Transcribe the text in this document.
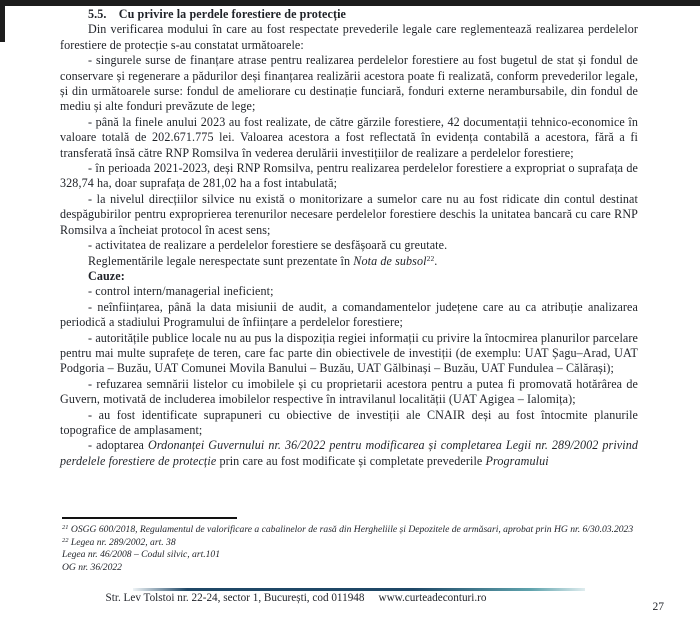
5.5. Cu privire la perdele forestiere de protecție

Din verificarea modului în care au fost respectate prevederile legale care reglementează realizarea perdelelor forestiere de protecție s-au constatat următoarele:

- singurele surse de finanțare atrase pentru realizarea perdelelor forestiere au fost bugetul de stat și fondul de conservare și regenerare a pădurilor deși finanțarea realizării acestora poate fi realizată, conform prevederilor legale, și din următoarele surse: fondul de ameliorare cu destinație funciară, fonduri externe nerambursabile, din fondul de mediu și alte fonduri prevăzute de lege;

- până la finele anului 2023 au fost realizate, de către gărzile forestiere, 42 documentații tehnico-economice în valoare totală de 202.671.775 lei. Valoarea acestora a fost reflectată în evidența contabilă a acestora, fără a fi transferată însă către RNP Romsilva în vederea derulării investițiilor de realizare a perdelelor forestiere;

- în perioada 2021-2023, deși RNP Romsilva, pentru realizarea perdelelor forestiere a expropriat o suprafața de 328,74 ha, doar suprafața de 281,02 ha a fost intabulată;

- la nivelul direcțiilor silvice nu există o monitorizare a sumelor care nu au fost ridicate din contul destinat despăgubirilor pentru exproprierea terenurilor necesare perdelelor forestiere deschis la unitatea bancară cu care RNP Romsilva a încheiat protocol în acest sens;

- activitatea de realizare a perdelelor forestiere se desfășoară cu greutate.

Reglementările legale nerespectate sunt prezentate în Nota de subsol$^{22}$.

Cauze:

- control intern/managerial ineficient;

- neînființarea, până la data misiunii de audit, a comandamentelor județene care au ca atribuție analizarea periodică a stadiului Programului de înființare a perdelelor forestiere;

- autoritățile publice locale nu au pus la dispoziția regiei informații cu privire la întocmirea planurilor parcelare pentru mai multe suprafețe de teren, care fac parte din obiectivele de investiții (de exemplu: UAT Șagu–Arad, UAT Podgoria – Buzău, UAT Comunei Movila Banului – Buzău, UAT Gălbinași – Buzău, UAT Fundulea – Călărași);

- refuzarea semnării listelor cu imobilele și cu proprietarii acestora pentru a putea fi promovată hotărârea de Guvern, motivată de includerea imobilelor respective în intravilanul localității (UAT Agigea – Ialomița);

- au fost identificate suprapuneri cu obiective de investiții ale CNAIR deși au fost întocmite planurile topografice de amplasament;

- adoptarea Ordonanței Guvernului nr. 36/2022 pentru modificarea și completarea Legii nr. 289/2002 privind perdelele forestiere de protecție prin care au fost modificate și completate prevederile Programului

$^{21}$ OSGG 600/2018, Regulamentul de valorificare a cabalinelor de rasă din Hergheliile și Depozitele de armăsari, aprobat prin HG nr. 6/30.03.2023

$^{22}$ Legea nr. 289/2002, art. 38

Legea nr. 46/2008 – Codul silvic, art.101

OG nr. 36/2022

Str. Lev Tolstoi nr. 22-24, sector 1, București, cod 011948 www.curteadeconturi.ro
27
